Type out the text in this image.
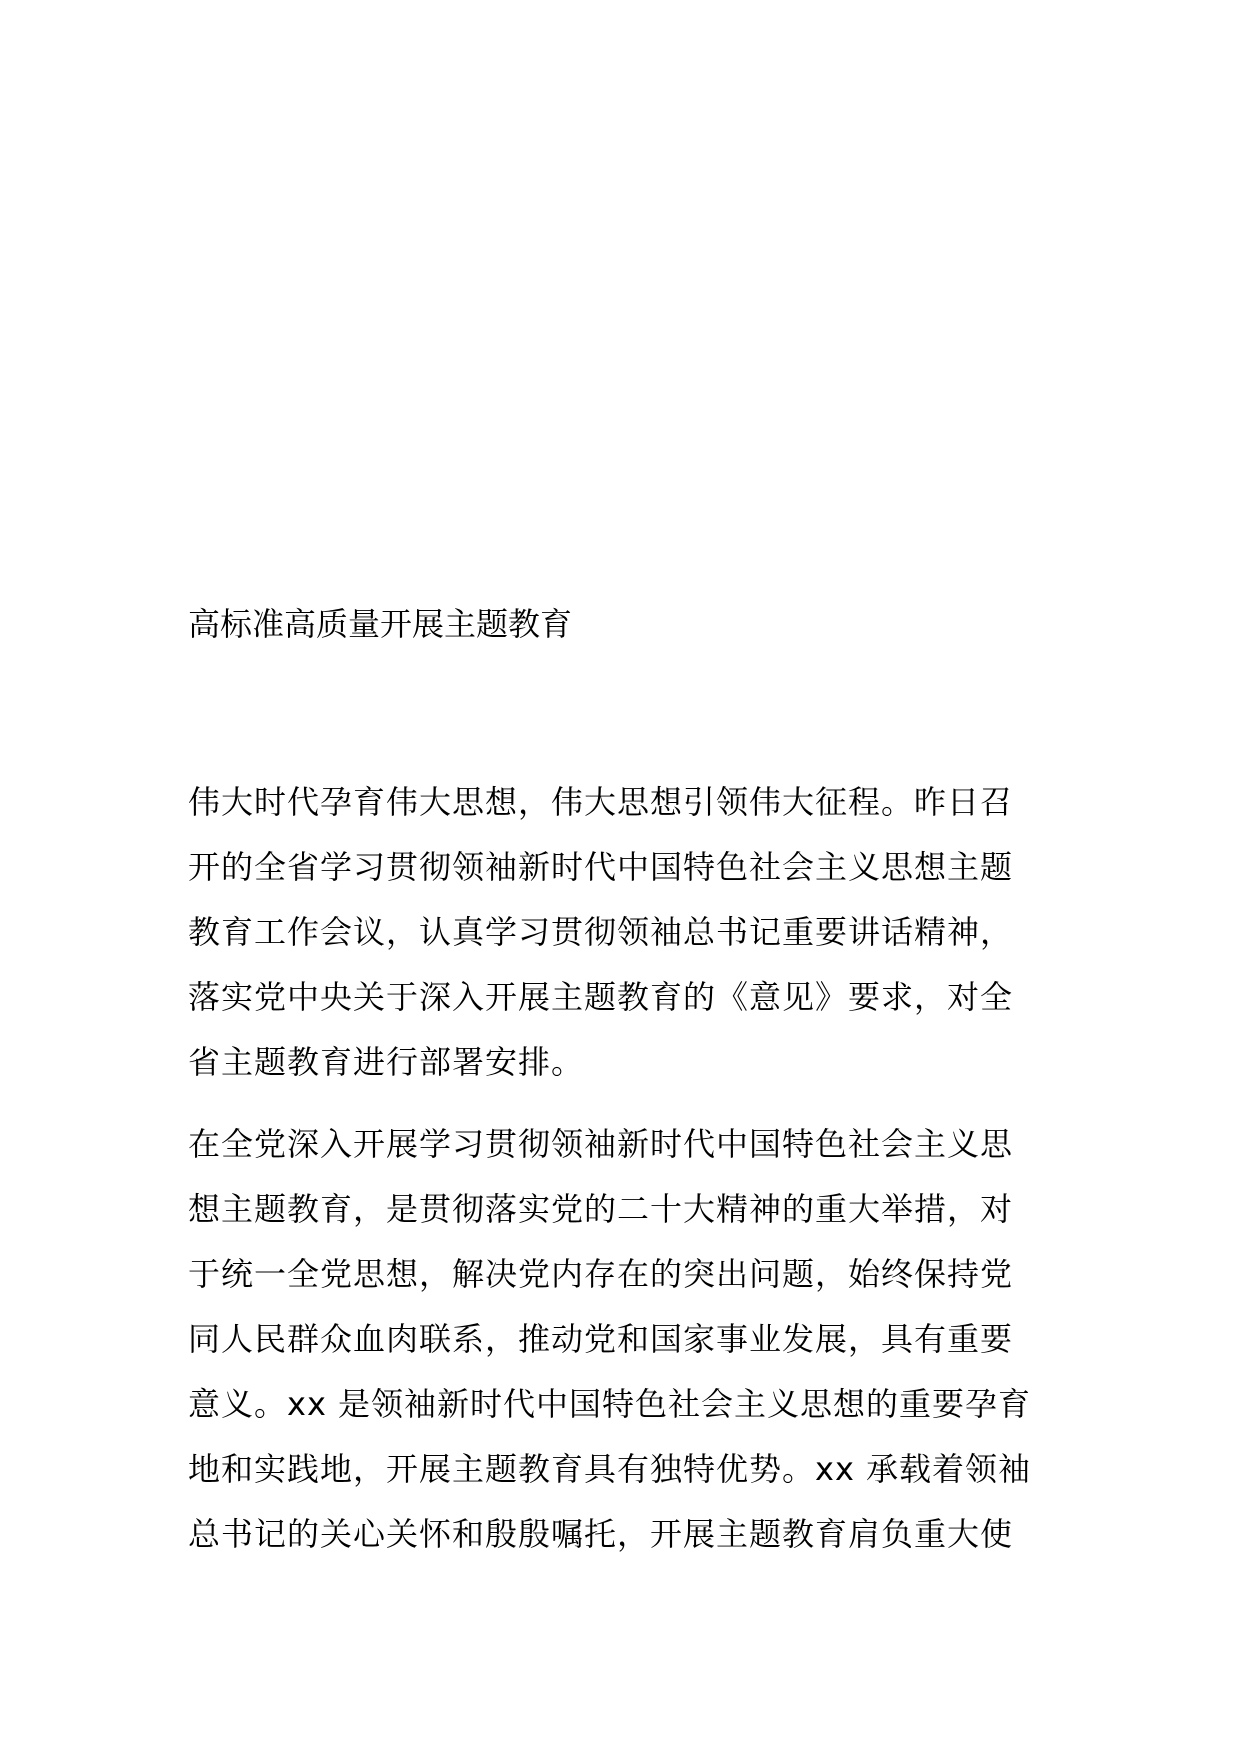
高标准高质量开展主题教育

伟大时代孕育伟大思想，伟大思想引领伟大征程。昨日召
开的全省学习贯彻领袖新时代中国特色社会主义思想主题
教育工作会议，认真学习贯彻领袖总书记重要讲话精神，
落实党中央关于深入开展主题教育的《意见》要求，对全
省主题教育进行部署安排。

在全党深入开展学习贯彻领袖新时代中国特色社会主义思
想主题教育，是贯彻落实党的二十大精神的重大举措，对
于统一全党思想，解决党内存在的突出问题，始终保持党
同人民群众血肉联系，推动党和国家事业发展，具有重要
意义。xx 是领袖新时代中国特色社会主义思想的重要孕育
地和实践地，开展主题教育具有独特优势。xx 承载着领袖
总书记的关心关怀和殷殷嘱托，开展主题教育肩负重大使
